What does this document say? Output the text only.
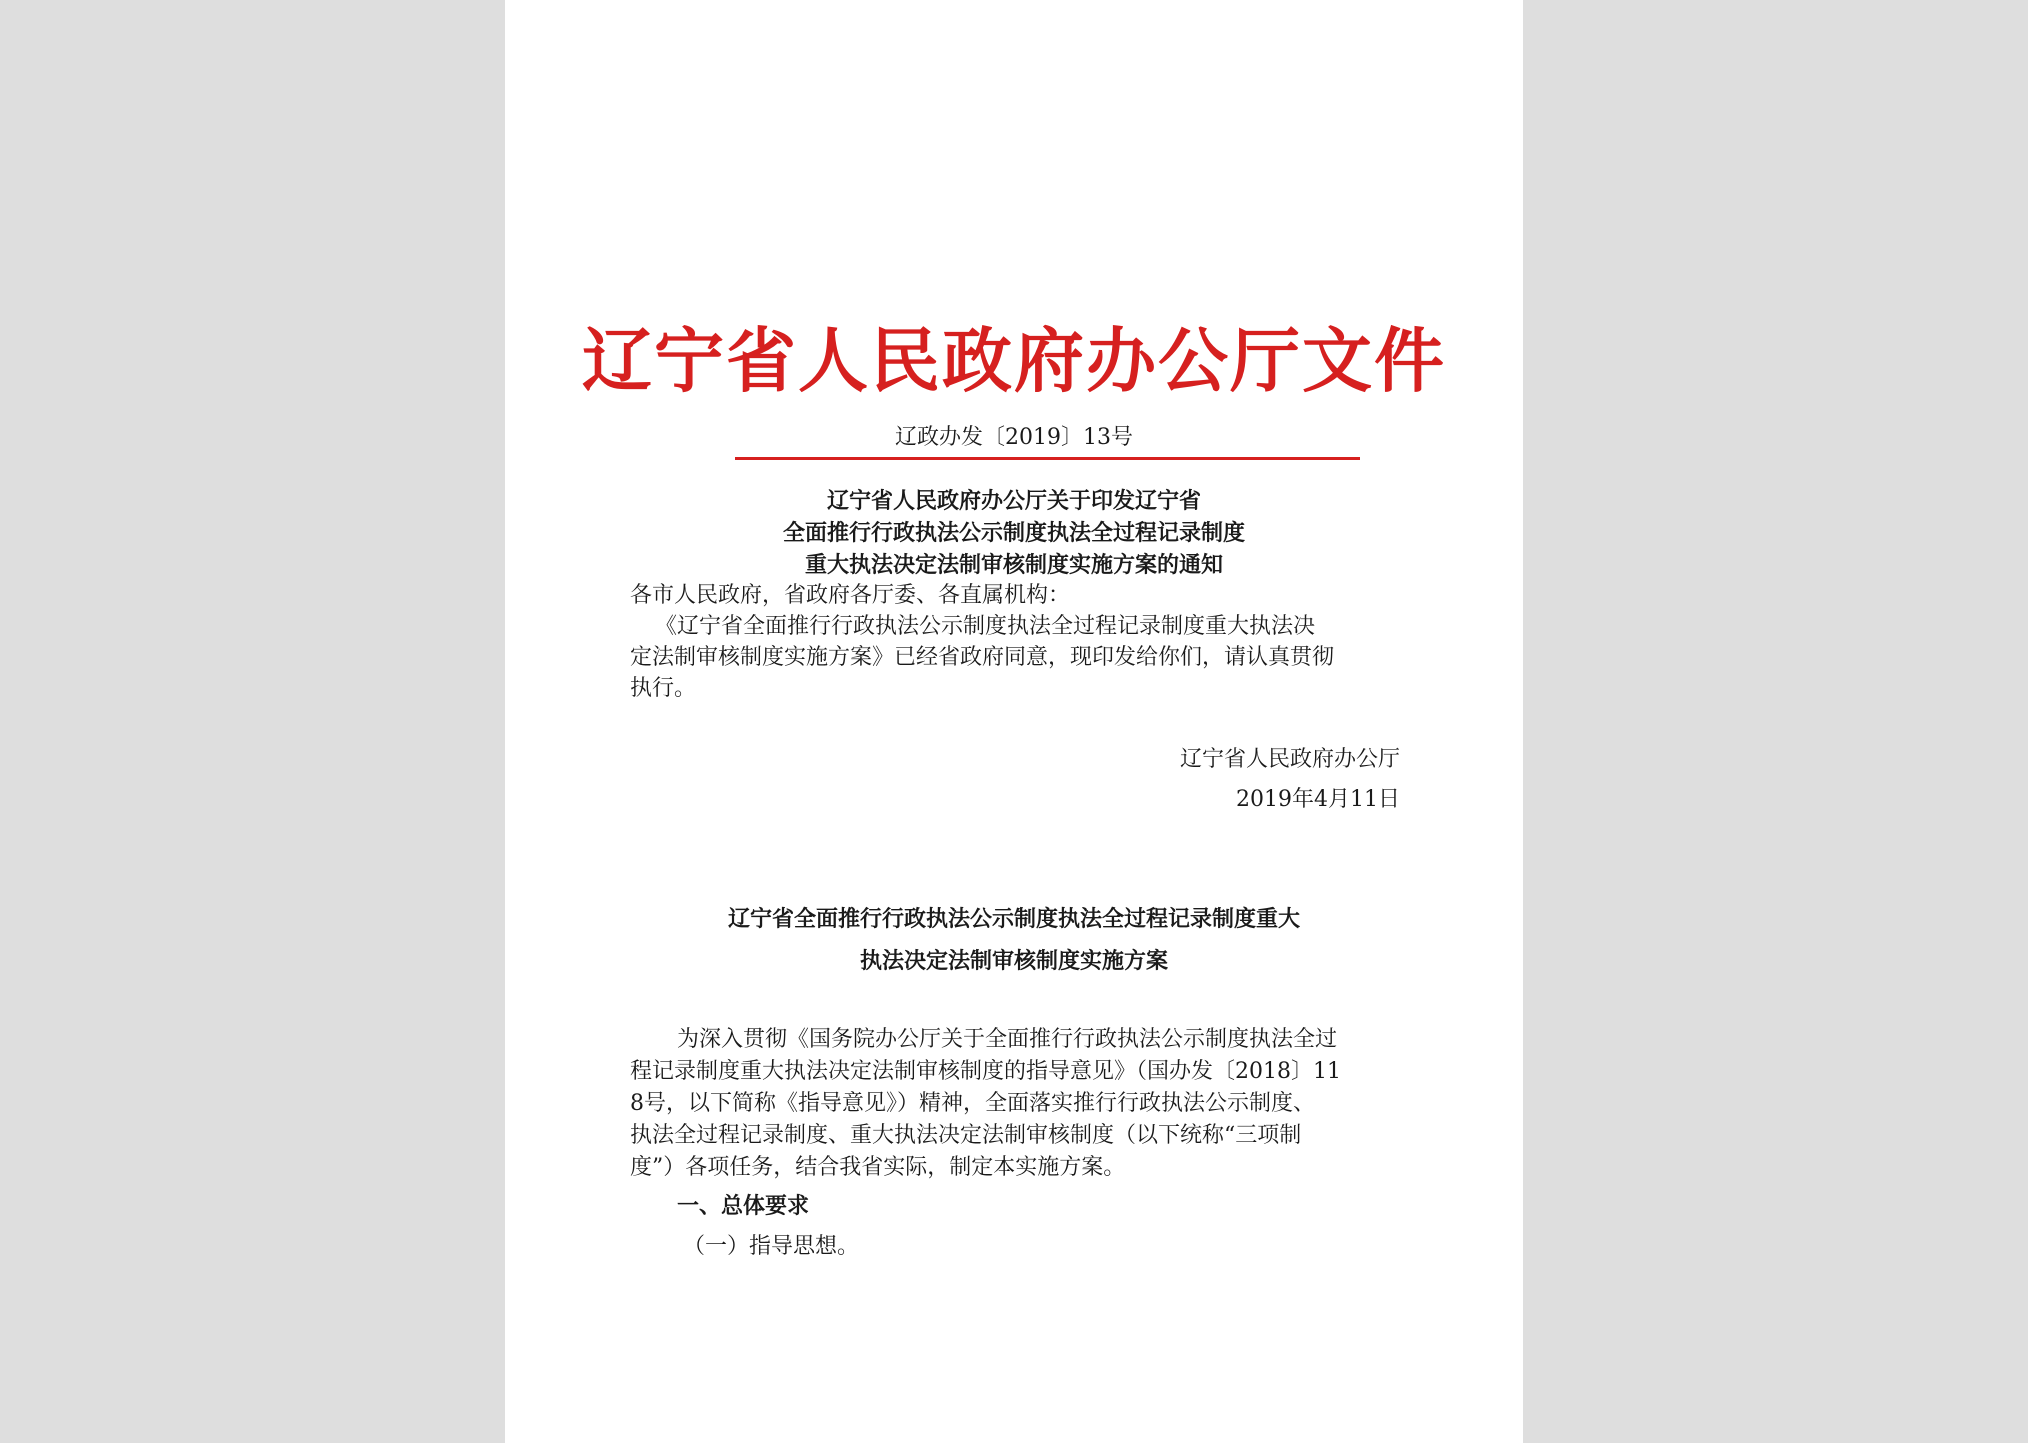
辽宁省人民政府办公厅文件
辽政办发〔2019〕13号
辽宁省人民政府办公厅关于印发辽宁省
全面推行行政执法公示制度执法全过程记录制度
重大执法决定法制审核制度实施方案的通知
各市人民政府，省政府各厅委、各直属机构：
《辽宁省全面推行行政执法公示制度执法全过程记录制度重大执法决
定法制审核制度实施方案》已经省政府同意，现印发给你们，请认真贯彻
执行。
辽宁省人民政府办公厅
2019年4月11日
辽宁省全面推行行政执法公示制度执法全过程记录制度重大
执法决定法制审核制度实施方案
为深入贯彻《国务院办公厅关于全面推行行政执法公示制度执法全过
程记录制度重大执法决定法制审核制度的指导意见》（国办发〔2018〕11
8号，以下简称《指导意见》）精神，全面落实推行行政执法公示制度、
执法全过程记录制度、重大执法决定法制审核制度（以下统称“三项制
度”）各项任务，结合我省实际，制定本实施方案。
一、总体要求
（一）指导思想。
